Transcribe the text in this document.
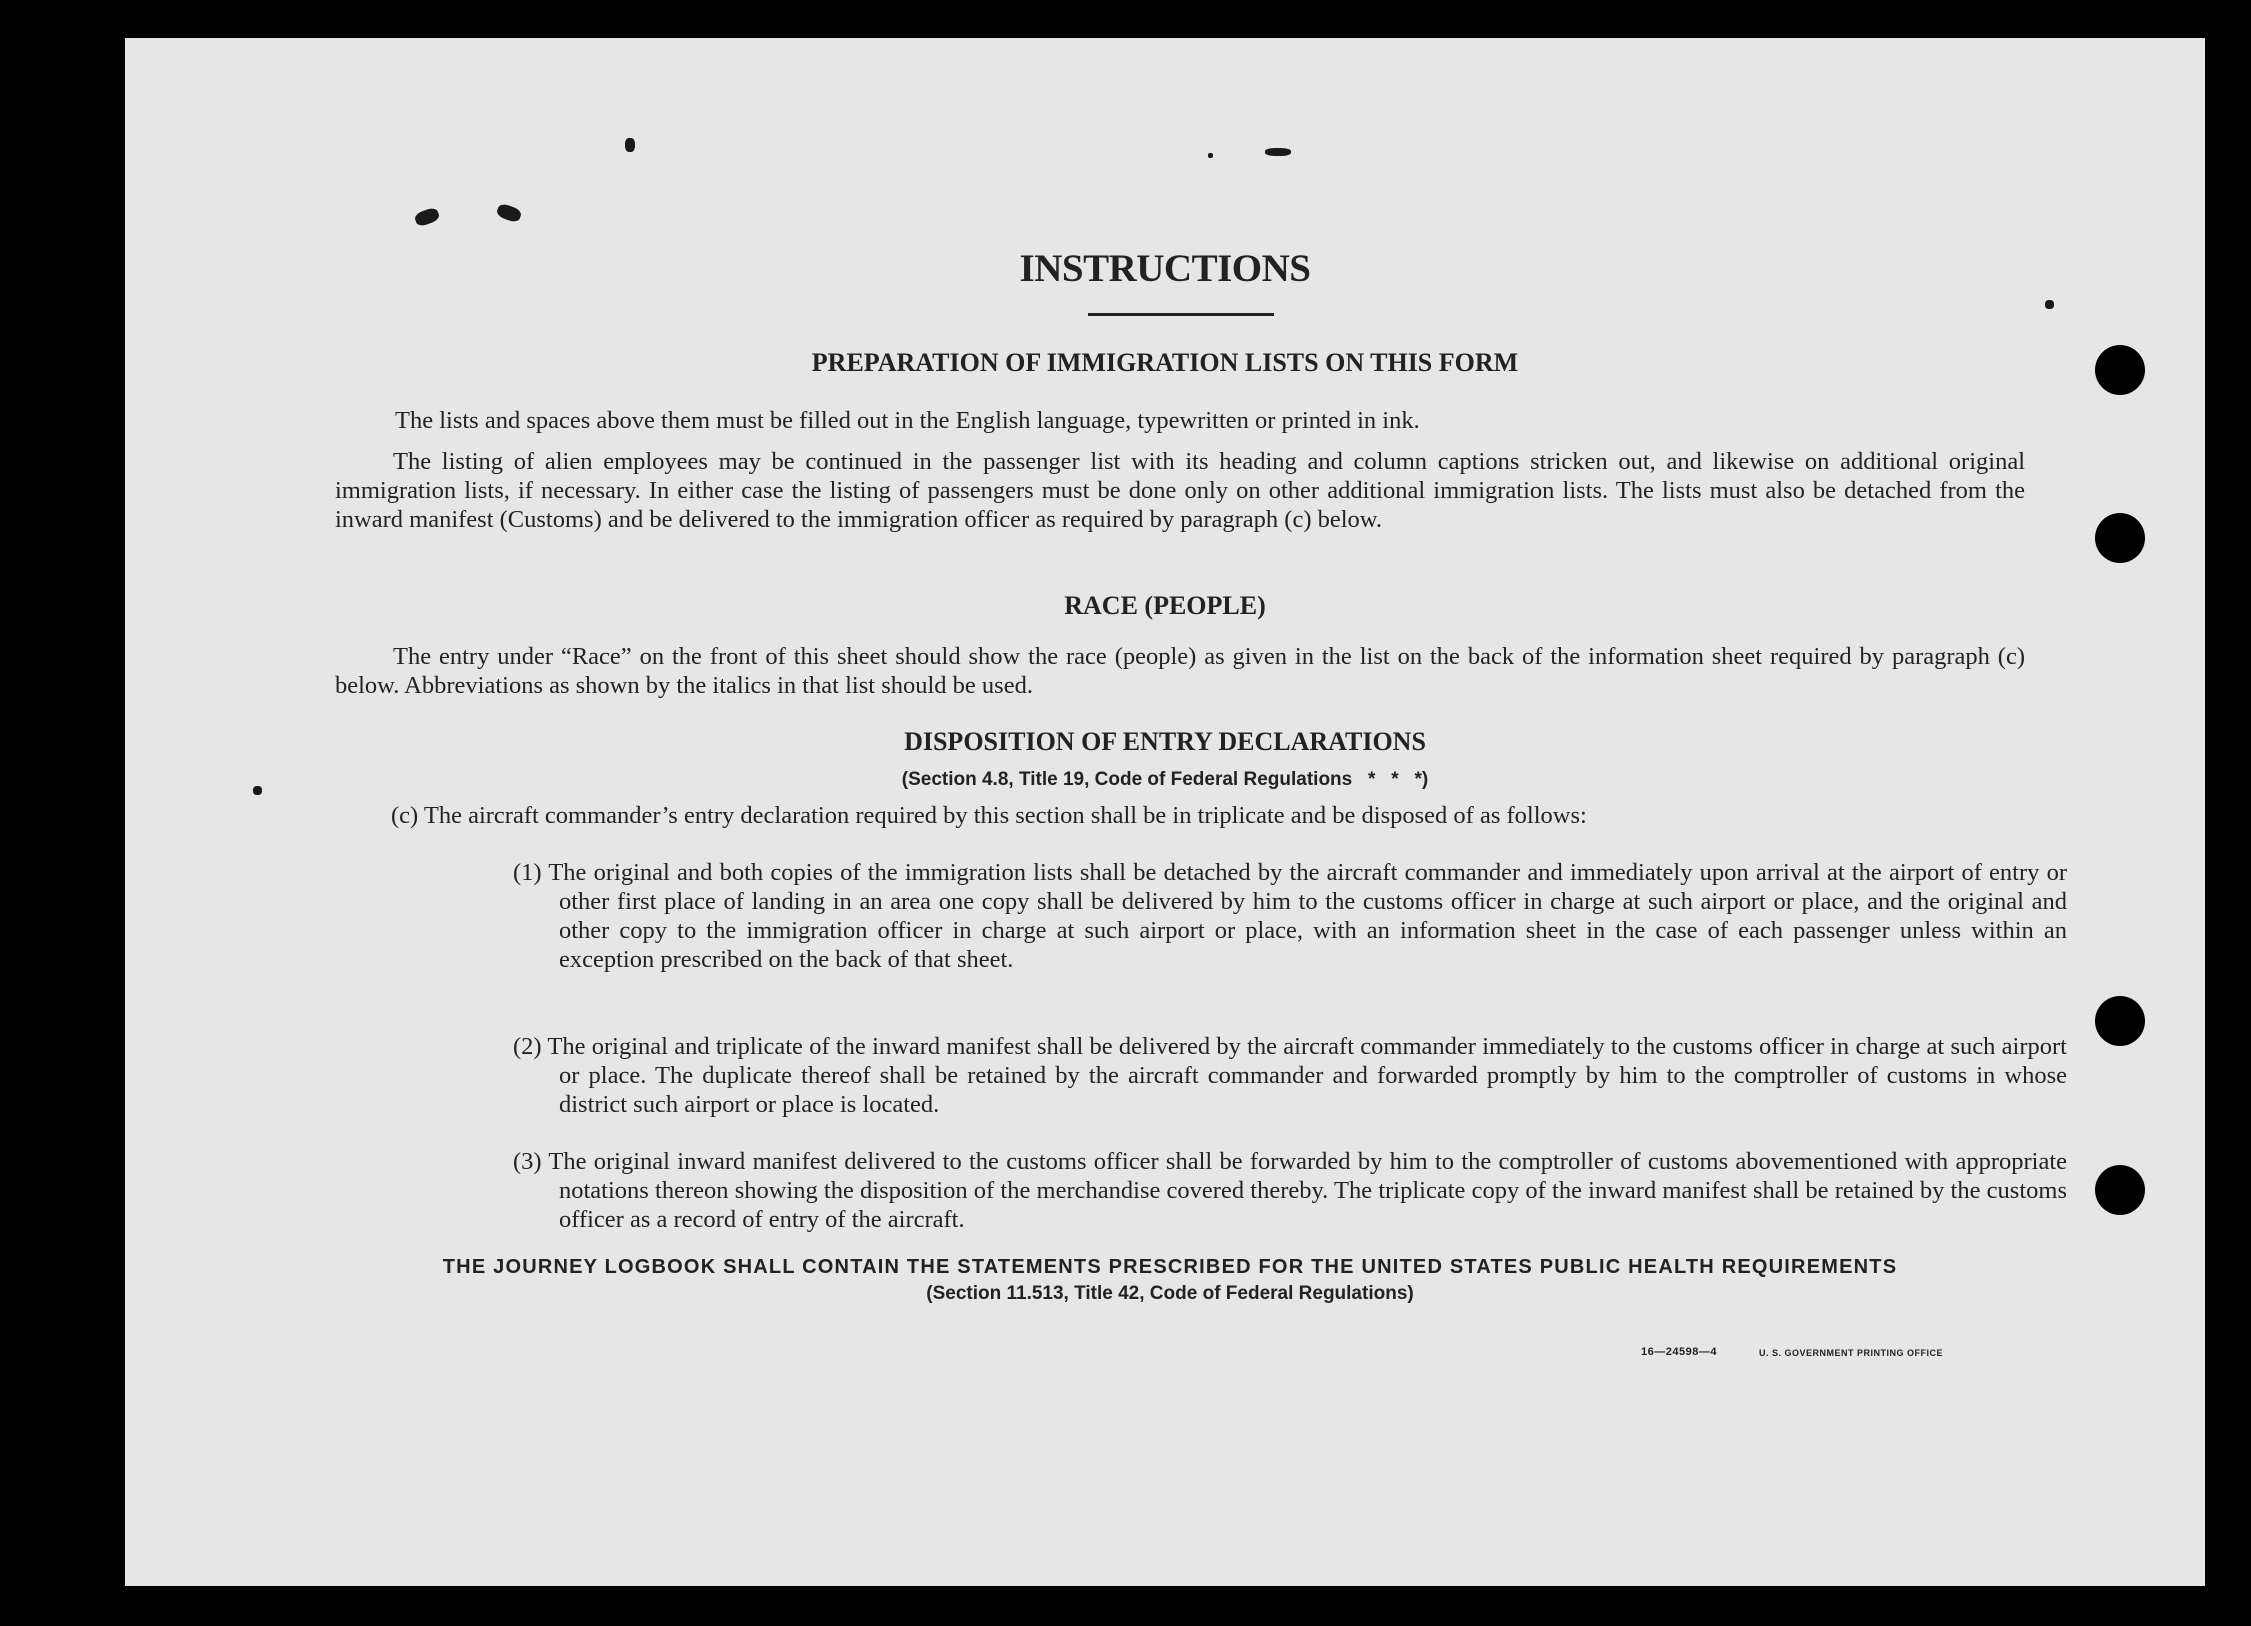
INSTRUCTIONS
PREPARATION OF IMMIGRATION LISTS ON THIS FORM
The lists and spaces above them must be filled out in the English language, typewritten or printed in ink.
The listing of alien employees may be continued in the passenger list with its heading and column captions stricken out, and likewise on additional original immigration lists, if necessary. In either case the listing of passengers must be done only on other additional immigration lists. The lists must also be detached from the inward manifest (Customs) and be delivered to the immigration officer as required by paragraph (c) below.
RACE (PEOPLE)
The entry under “Race” on the front of this sheet should show the race (people) as given in the list on the back of the information sheet required by paragraph (c) below. Abbreviations as shown by the italics in that list should be used.
DISPOSITION OF ENTRY DECLARATIONS
(Section 4.8, Title 19, Code of Federal Regulations   *   *   *)
(c) The aircraft commander’s entry declaration required by this section shall be in triplicate and be disposed of as follows:
(1) The original and both copies of the immigration lists shall be detached by the aircraft commander and immediately upon arrival at the airport of entry or other first place of landing in an area one copy shall be delivered by him to the customs officer in charge at such airport or place, and the original and other copy to the immigration officer in charge at such airport or place, with an information sheet in the case of each passenger unless within an exception prescribed on the back of that sheet.
(2) The original and triplicate of the inward manifest shall be delivered by the aircraft commander immediately to the customs officer in charge at such airport or place. The duplicate thereof shall be retained by the aircraft commander and forwarded promptly by him to the comptroller of customs in whose district such airport or place is located.
(3) The original inward manifest delivered to the customs officer shall be forwarded by him to the comptroller of customs abovementioned with appropriate notations thereon showing the disposition of the merchandise covered thereby. The triplicate copy of the inward manifest shall be retained by the customs officer as a record of entry of the aircraft.
THE JOURNEY LOGBOOK SHALL CONTAIN THE STATEMENTS PRESCRIBED FOR THE UNITED STATES PUBLIC HEALTH REQUIREMENTS
(Section 11.513, Title 42, Code of Federal Regulations)
16—24598—4	U. S. GOVERNMENT PRINTING OFFICE
